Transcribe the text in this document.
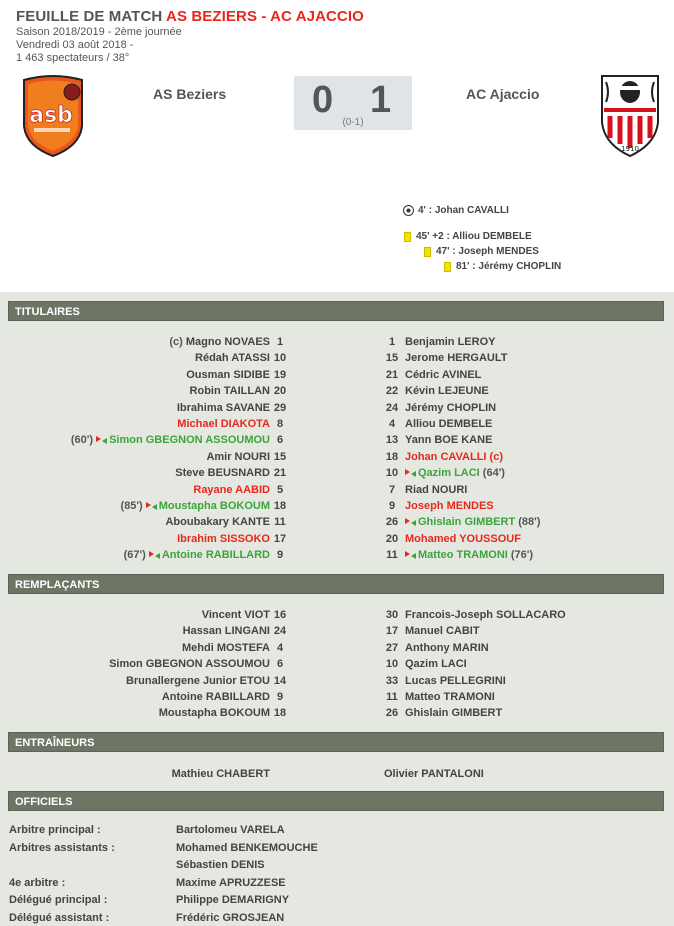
FEUILLE DE MATCH AS BEZIERS - AC AJACCIO
Saison 2018/2019 - 2ème journée
Vendredi 03 août 2018 -
1 463 spectateurs / 38°
asb
AS Beziers 0 1
(0-1)
AC Ajaccio
1910
4' : Johan CAVALLI
45' +2 : Alliou DEMBELE
47' : Joseph MENDES
81' : Jérémy CHOPLIN
TITULAIRES
(c) Magno NOVAES 1	1 Benjamin LEROY
Rédah ATASSI 10	15 Jerome HERGAULT
Ousman SIDIBE 19	21 Cédric AVINEL
Robin TAILLAN 20	22 Kévin LEJEUNE
Ibrahima SAVANE 29	24 Jérémy CHOPLIN
Michael DIAKOTA 8	4 Alliou DEMBELE
(60') Simon GBEGNON ASSOUMOU 6	13 Yann BOE KANE
Amir NOURI 15	18 Johan CAVALLI (c)
Steve BEUSNARD 21	10	Qazim LACI (64')
Rayane AABID 5	7 Riad NOURI
(85') Moustapha BOKOUM 18	9 Joseph MENDES
Aboubakary KANTE 11	26	Ghislain GIMBERT (88')
Ibrahim SISSOKO 17	20 Mohamed YOUSSOUF
(67') Antoine RABILLARD 9	11	Matteo TRAMONI (76')
REMPLAÇANTS
Vincent VIOT 16	30 Francois-Joseph SOLLACARO
Hassan LINGANI 24	17 Manuel CABIT
Mehdi MOSTEFA 4	27 Anthony MARIN
Simon GBEGNON ASSOUMOU 6	10 Qazim LACI
Brunallergene Junior ETOU 14	33 Lucas PELLEGRINI
Antoine RABILLARD 9	11 Matteo TRAMONI
Moustapha BOKOUM 18	26 Ghislain GIMBERT
ENTRAÎNEURS
Mathieu CHABERT	Olivier PANTALONI
OFFICIELS
Arbitre principal :	Bartolomeu VARELA
Arbitres assistants :	Mohamed BENKEMOUCHE
Sébastien DENIS
4e arbitre :	Maxime APRUZZESE
Délégué principal :	Philippe DEMARIGNY
Délégué assistant :	Frédéric GROSJEAN
